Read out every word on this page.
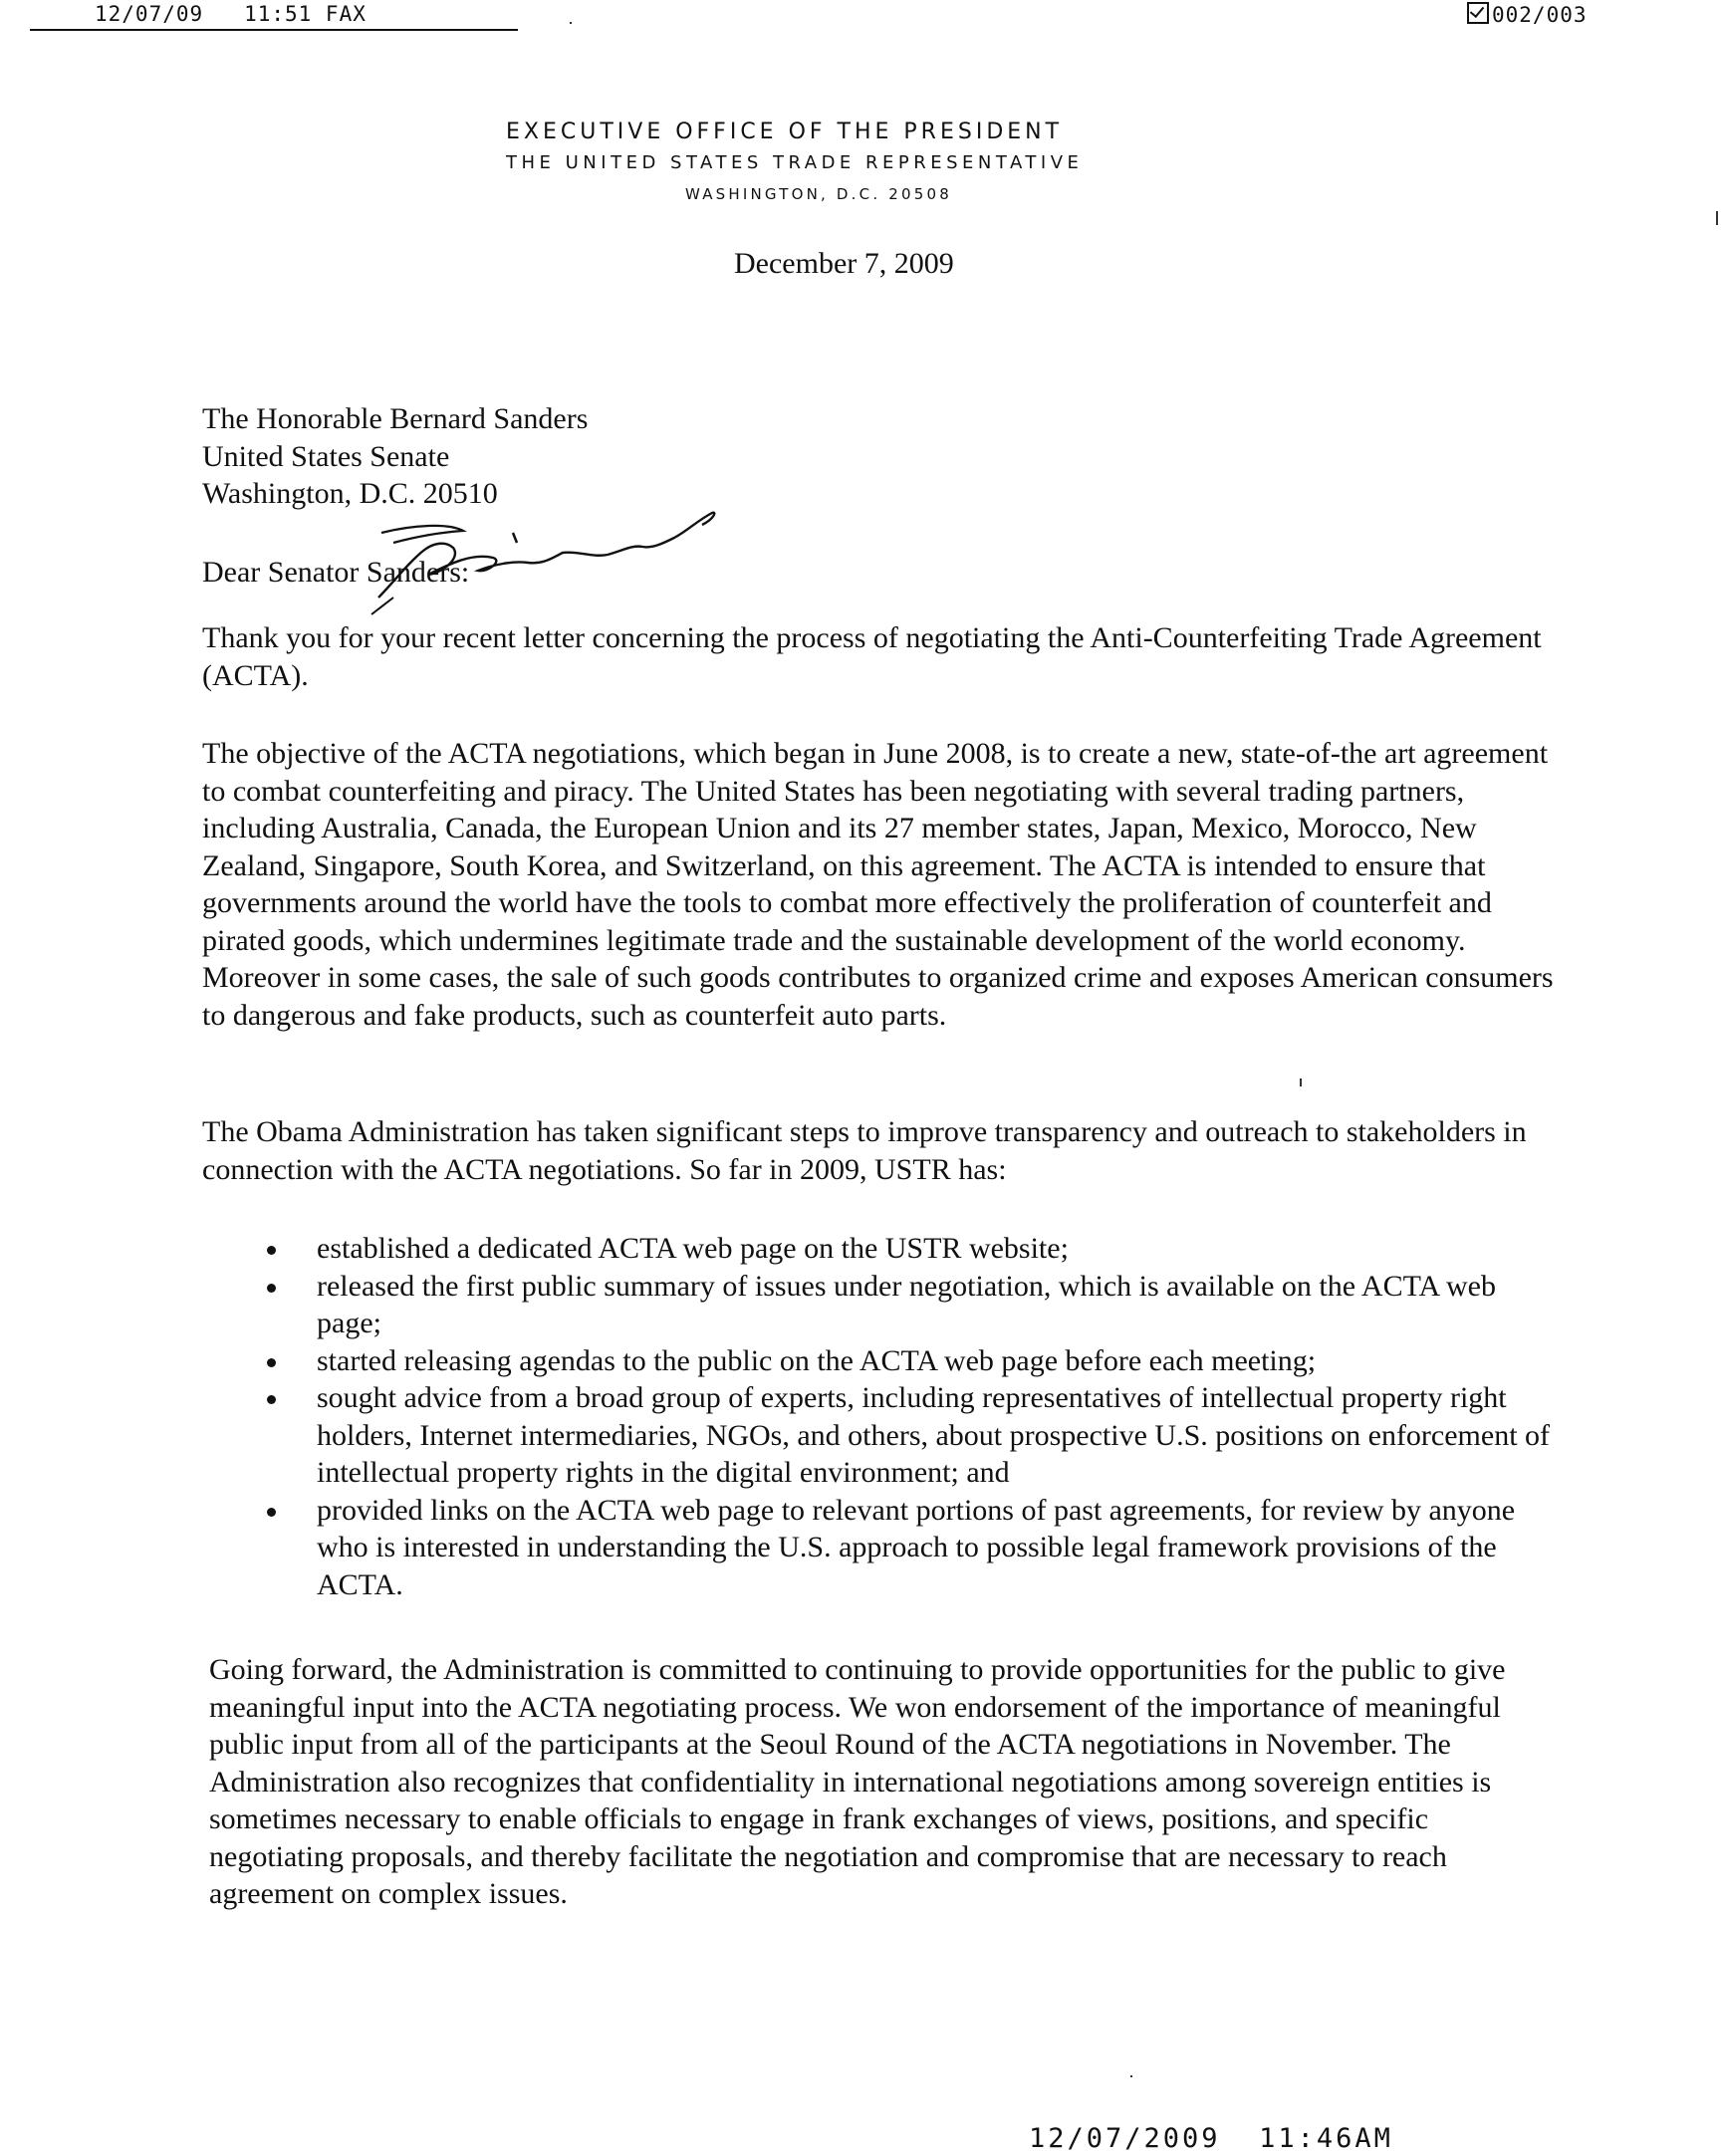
12/07/09   11:51 FAX	002/003
EXECUTIVE OFFICE OF THE PRESIDENT
THE UNITED STATES TRADE REPRESENTATIVE
WASHINGTON, D.C. 20508
December 7, 2009
The Honorable Bernard Sanders
United States Senate
Washington, D.C. 20510
Dear Senator Sanders:
Thank you for your recent letter concerning the process of negotiating the Anti-Counterfeiting Trade Agreement (ACTA).
The objective of the ACTA negotiations, which began in June 2008, is to create a new, state-of-the art agreement to combat counterfeiting and piracy. The United States has been negotiating with several trading partners, including Australia, Canada, the European Union and its 27 member states, Japan, Mexico, Morocco, New Zealand, Singapore, South Korea, and Switzerland, on this agreement. The ACTA is intended to ensure that governments around the world have the tools to combat more effectively the proliferation of counterfeit and pirated goods, which undermines legitimate trade and the sustainable development of the world economy. Moreover in some cases, the sale of such goods contributes to organized crime and exposes American consumers to dangerous and fake products, such as counterfeit auto parts.
The Obama Administration has taken significant steps to improve transparency and outreach to stakeholders in connection with the ACTA negotiations. So far in 2009, USTR has:
established a dedicated ACTA web page on the USTR website;
released the first public summary of issues under negotiation, which is available on the ACTA web page;
started releasing agendas to the public on the ACTA web page before each meeting;
sought advice from a broad group of experts, including representatives of intellectual property right holders, Internet intermediaries, NGOs, and others, about prospective U.S. positions on enforcement of intellectual property rights in the digital environment; and
provided links on the ACTA web page to relevant portions of past agreements, for review by anyone who is interested in understanding the U.S. approach to possible legal framework provisions of the ACTA.
Going forward, the Administration is committed to continuing to provide opportunities for the public to give meaningful input into the ACTA negotiating process. We won endorsement of the importance of meaningful public input from all of the participants at the Seoul Round of the ACTA negotiations in November. The Administration also recognizes that confidentiality in international negotiations among sovereign entities is sometimes necessary to enable officials to engage in frank exchanges of views, positions, and specific negotiating proposals, and thereby facilitate the negotiation and compromise that are necessary to reach agreement on complex issues.
12/07/2009  11:46AM
